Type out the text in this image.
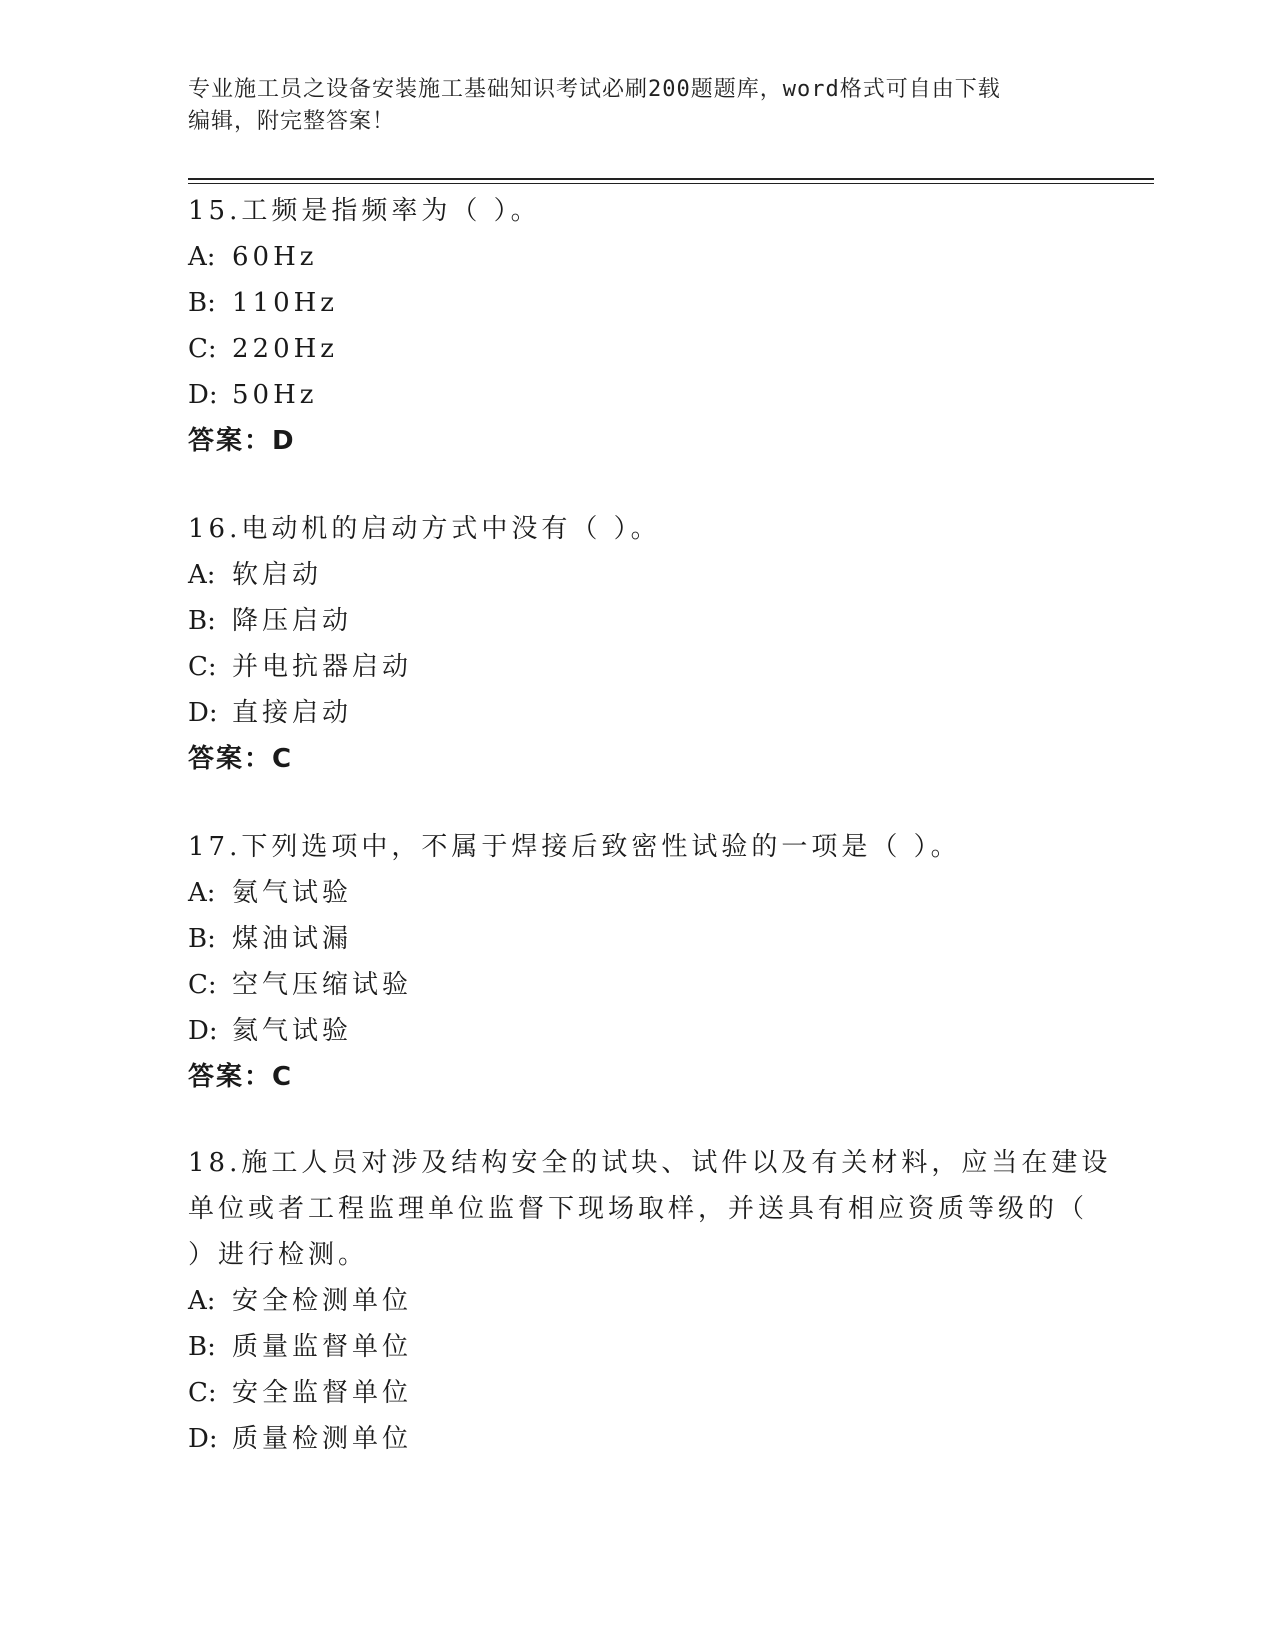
专业施工员之设备安装施工基础知识考试必刷200题题库，word格式可自由下载
编辑，附完整答案！
15.工频是指频率为（ ）。
A: 60Hz
B: 110Hz
C: 220Hz
D: 50Hz
答案：D
16.电动机的启动方式中没有（ ）。
A: 软启动
B: 降压启动
C: 并电抗器启动
D: 直接启动
答案：C
17.下列选项中，不属于焊接后致密性试验的一项是（ ）。
A: 氨气试验
B: 煤油试漏
C: 空气压缩试验
D: 氦气试验
答案：C
18.施工人员对涉及结构安全的试块、试件以及有关材料，应当在建设
单位或者工程监理单位监督下现场取样，并送具有相应资质等级的（
）进行检测。
A: 安全检测单位
B: 质量监督单位
C: 安全监督单位
D: 质量检测单位
